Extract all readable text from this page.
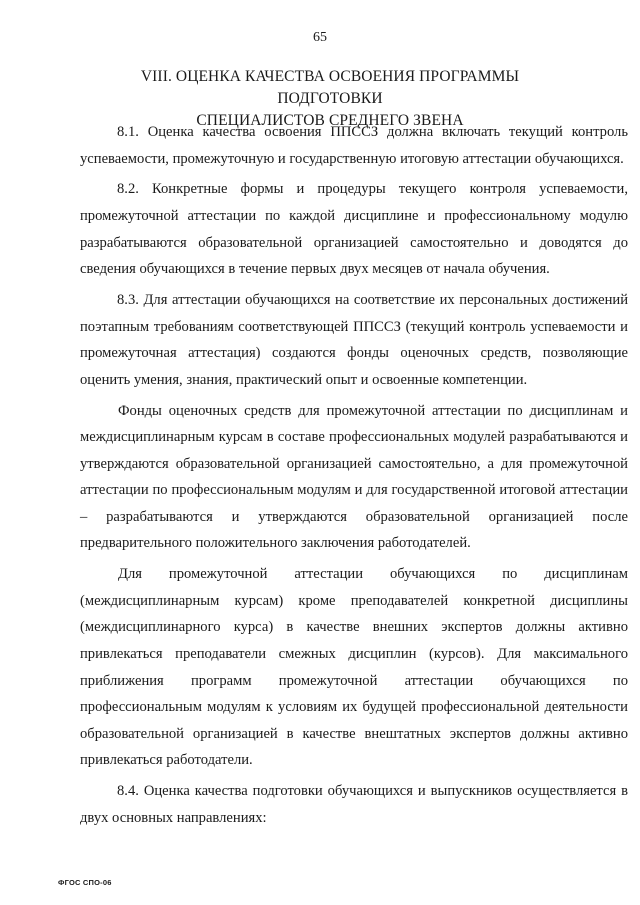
65
VIII. ОЦЕНКА КАЧЕСТВА ОСВОЕНИЯ ПРОГРАММЫ ПОДГОТОВКИ
СПЕЦИАЛИСТОВ СРЕДНЕГО ЗВЕНА

8.1. Оценка качества освоения ППССЗ должна включать текущий контроль успеваемости, промежуточную и государственную итоговую аттестации обучающихся.

8.2. Конкретные формы и процедуры текущего контроля успеваемости, промежуточной аттестации по каждой дисциплине и профессиональному модулю разрабатываются образовательной организацией самостоятельно и доводятся до сведения обучающихся в течение первых двух месяцев от начала обучения.

8.3. Для аттестации обучающихся на соответствие их персональных достижений поэтапным требованиям соответствующей ППССЗ (текущий контроль успеваемости и промежуточная аттестация) создаются фонды оценочных средств, позволяющие оценить умения, знания, практический опыт и освоенные компетенции.

Фонды оценочных средств для промежуточной аттестации по дисциплинам и междисциплинарным курсам в составе профессиональных модулей разрабатываются и утверждаются образовательной организацией самостоятельно, а для промежуточной аттестации по профессиональным модулям и для государственной итоговой аттестации – разрабатываются и утверждаются образовательной организацией после предварительного положительного заключения работодателей.

Для промежуточной аттестации обучающихся по дисциплинам (междисциплинарным курсам) кроме преподавателей конкретной дисциплины (междисциплинарного курса) в качестве внешних экспертов должны активно привлекаться преподаватели смежных дисциплин (курсов). Для максимального приближения программ промежуточной аттестации обучающихся по профессиональным модулям к условиям их будущей профессиональной деятельности образовательной организацией в качестве внештатных экспертов должны активно привлекаться работодатели.

8.4. Оценка качества подготовки обучающихся и выпускников осуществляется в двух основных направлениях:

ФГОС СПО-06
